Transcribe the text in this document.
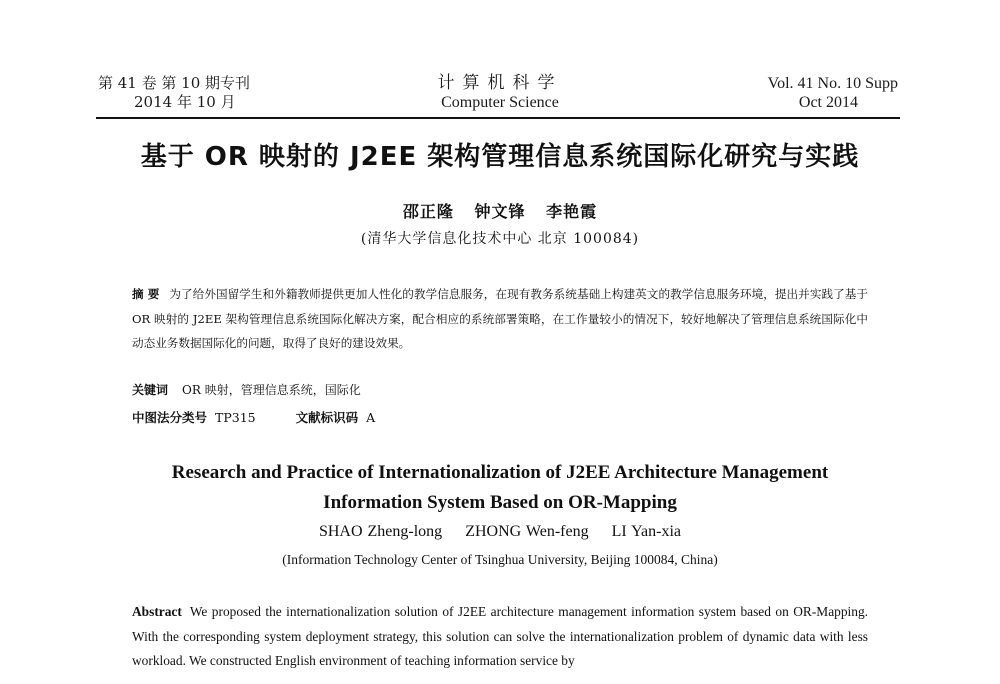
第 41 卷 第 10 期专刊
2014 年 10 月
计算机科学
Computer Science
Vol. 41 No. 10 Supp
Oct 2014
基于 OR 映射的 J2EE 架构管理信息系统国际化研究与实践
邵正隆 钟文锋 李艳霞
(清华大学信息化技术中心 北京 100084)
摘 要 为了给外国留学生和外籍教师提供更加人性化的教学信息服务，在现有教务系统基础上构建英文的教学信息服务环境，提出并实践了基于 OR 映射的 J2EE 架构管理信息系统国际化解决方案，配合相应的系统部署策略，在工作量较小的情况下，较好地解决了管理信息系统国际化中动态业务数据国际化的问题，取得了良好的建设效果。
关键词 OR 映射，管理信息系统，国际化
中图法分类号 TP315	文献标识码 A
Research and Practice of Internationalization of J2EE Architecture Management
Information System Based on OR-Mapping
SHAO Zheng-long ZHONG Wen-feng LI Yan-xia
(Information Technology Center of Tsinghua University, Beijing 100084, China)
Abstract We proposed the internationalization solution of J2EE architecture management information system based on OR-Mapping. With the corresponding system deployment strategy, this solution can solve the internationalization problem of dynamic data with less workload. We constructed English environment of teaching information service by
